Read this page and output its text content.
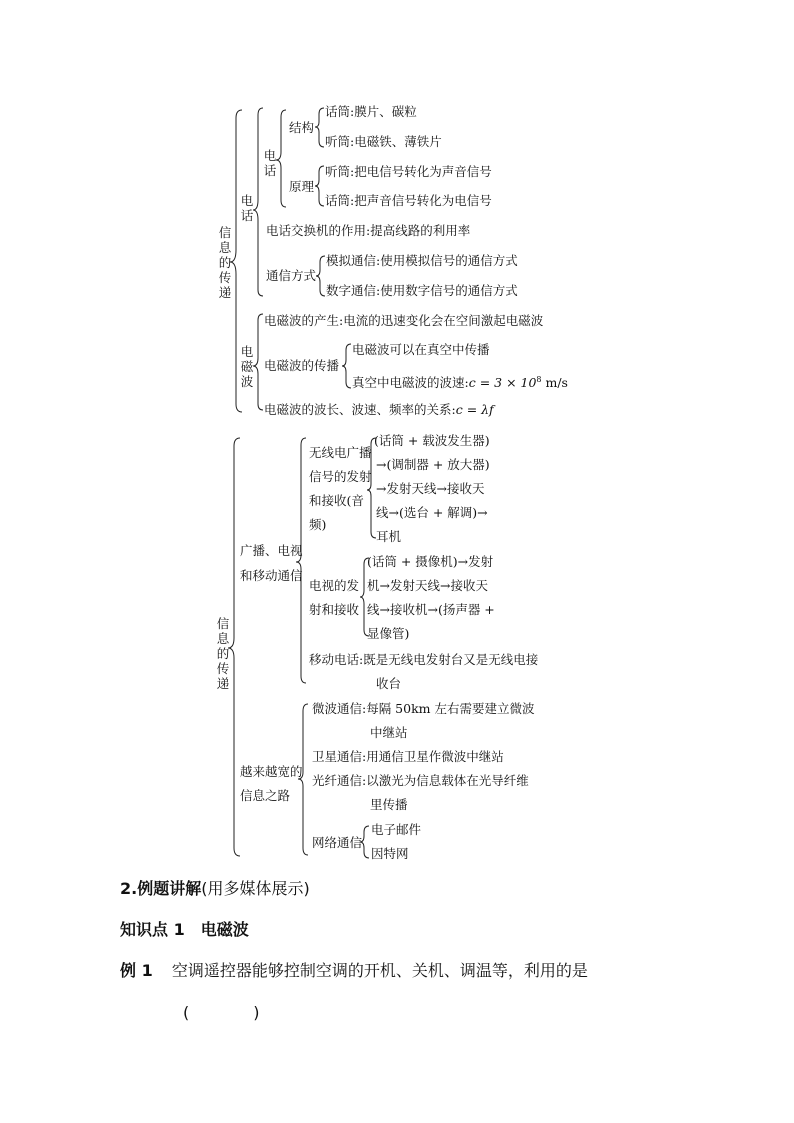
信息的传递
电话
电话
结构
话筒:膜片、碳粒
听筒:电磁铁、薄铁片
原理
听筒:把电信号转化为声音信号
话筒:把声音信号转化为电信号
电话交换机的作用:提高线路的利用率
通信方式
模拟通信:使用模拟信号的通信方式
数字通信:使用数字信号的通信方式
电磁波
电磁波的产生:电流的迅速变化会在空间激起电磁波
电磁波的传播
电磁波可以在真空中传播
真空中电磁波的波速:c = $3 \times 10^8$ m/s
电磁波的波长、波速、频率的关系:c = λf
信息的传递
广播、电视
和移动通信
无线电广播
信号的发射
和接收(音
频)
(话筒 + 载波发生器)
→(调制器 + 放大器)
→发射天线→接收天
线→(选台 + 解调)→
耳机
电视的发
射和接收
(话筒 + 摄像机)→发射
机→发射天线→接收天
线→接收机→(扬声器 +
显像管)
移动电话:既是无线电发射台又是无线电接
收台
越来越宽的
信息之路
微波通信:每隔 50km 左右需要建立微波
中继站
卫星通信:用通信卫星作微波中继站
光纤通信:以激光为信息载体在光导纤维
里传播
网络通信
电子邮件
因特网
2.例题讲解(用多媒体展示)
知识点 1　电磁波
例 1 空调遥控器能够控制空调的开机、关机、调温等，利用的是
(　　　　)
